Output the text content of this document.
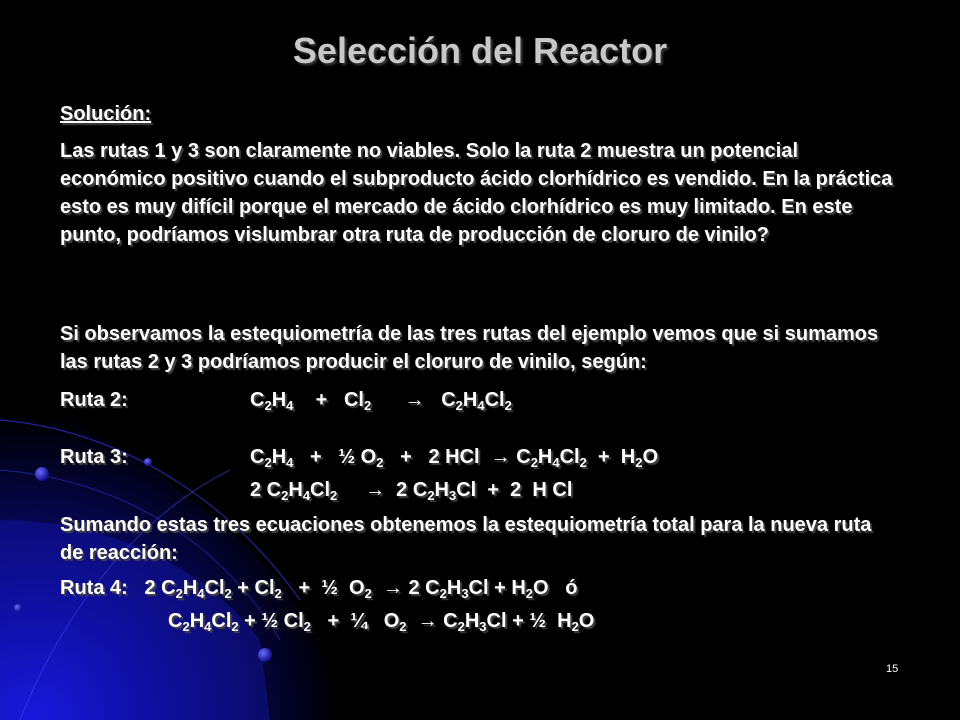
Selección del Reactor
Solución:
Las rutas 1 y 3 son claramente no viables. Solo la ruta 2 muestra un potencial económico positivo cuando el subproducto ácido clorhídrico es vendido. En la práctica esto es muy difícil porque el mercado de ácido clorhídrico es muy limitado. En este punto, podríamos vislumbrar otra ruta de producción de cloruro de vinilo?
Si observamos la estequiometría de las tres rutas del ejemplo vemos que si sumamos las rutas 2 y 3 podríamos producir el cloruro de vinilo, según:
Ruta 2:	$C_2H_4$    +   $Cl_2$      →   $C_2H_4Cl_2$
Ruta 3:	$C_2H_4$   +   ½ $O_2 + 2$ HCl  → $C_2H_4Cl_2 + H_2O$
2 $C_2H_4Cl_2$     →  2 $C_2H_3Cl + 2$  H Cl
Sumando estas tres ecuaciones obtenemos la estequiometría total para la nueva ruta de reacción:
Ruta 4:   2 $C_2H_4Cl_2 + Cl_2$   +  ½  $O_2 \to 2$ $C_2H_3Cl + H_2O$   ó
$C_2H_4Cl_2$ + ½ $Cl_2$   +  ¼   $O_2 \to C_2H_3Cl$ + ½  $H_2O$
15
